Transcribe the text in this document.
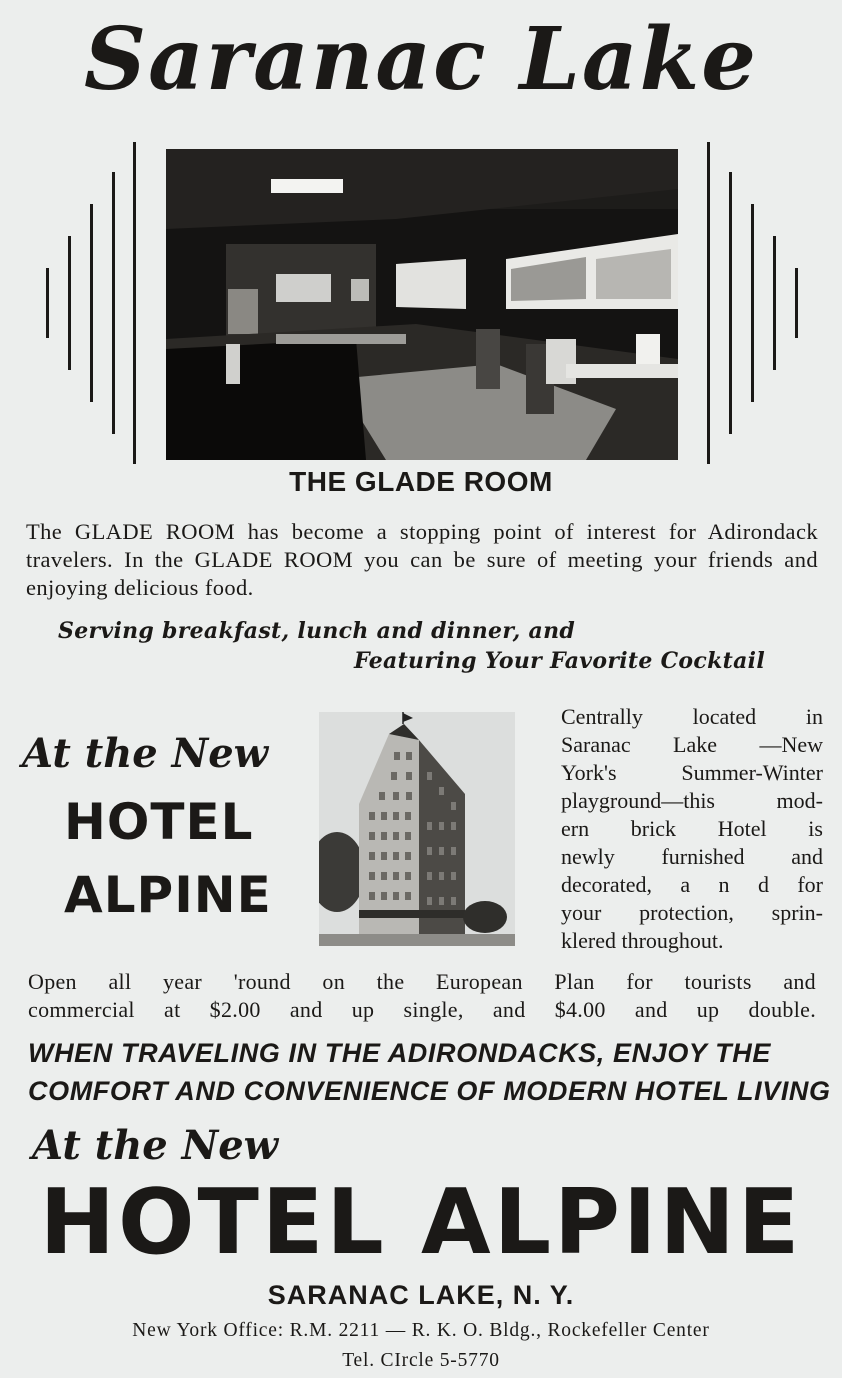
Saranac Lake
THE GLADE ROOM
The GLADE ROOM has become a stopping point of interest for Adirondack travelers. In the GLADE ROOM you can be sure of meeting your friends and enjoying delicious food.
Serving breakfast, lunch and dinner, and
Featuring Your Favorite Cocktail
At the New
HOTEL
ALPINE
Centrally located in
Saranac Lake —New
York's Summer-Winter
playground—this mod-
ern brick Hotel is
newly furnished and
decorated, a n d for
your protection, sprin-
klered throughout.
Open all year 'round on the European Plan for tourists and
commercial at $2.00 and up single, and $4.00 and up double.
WHEN TRAVELING IN THE ADIRONDACKS, ENJOY THE
COMFORT AND CONVENIENCE OF MODERN HOTEL LIVING
At the New
HOTEL ALPINE
SARANAC LAKE, N. Y.
New York Office: R.M. 2211 — R. K. O. Bldg., Rockefeller Center
Tel. CIrcle 5-5770
